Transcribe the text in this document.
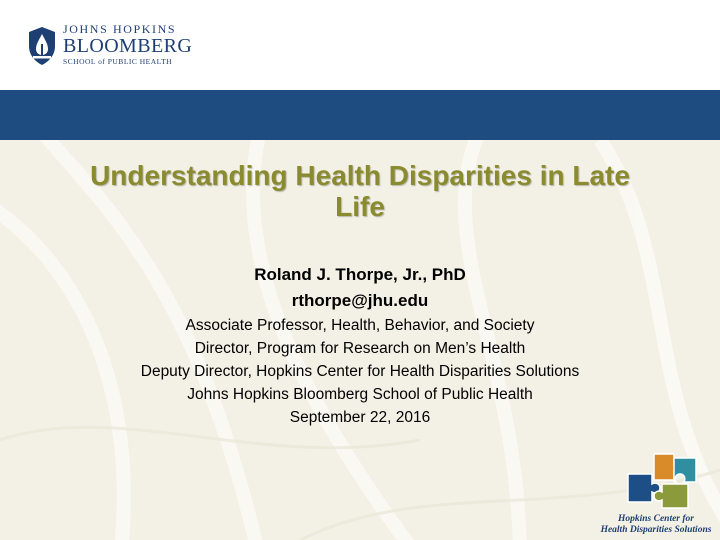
JOHNS HOPKINS
BLOOMBERG
SCHOOL of PUBLIC HEALTH
Understanding Health Disparities in Late Life
Roland J. Thorpe, Jr., PhD
rthorpe@jhu.edu
Associate Professor, Health, Behavior, and Society
Director, Program for Research on Men’s Health
Deputy Director, Hopkins Center for Health Disparities Solutions
Johns Hopkins Bloomberg School of Public Health
September 22, 2016
Hopkins Center for
Health Disparities Solutions
